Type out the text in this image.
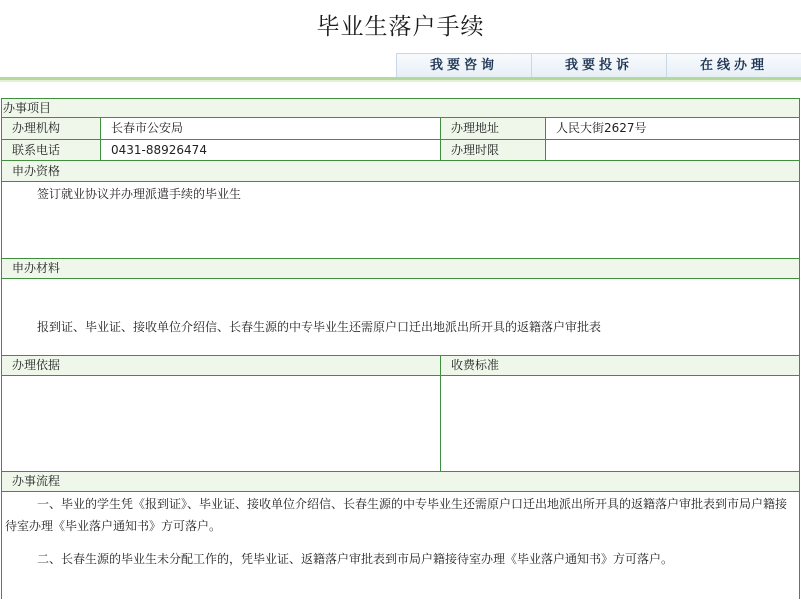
毕业生落户手续
我要咨询	我要投诉	在线办理
办事项目
办理机构	长春市公安局	办理地址	人民大街2627号
联系电话	0431-88926474	办理时限
申办资格
签订就业协议并办理派遣手续的毕业生
申办材料
报到证、毕业证、接收单位介绍信、长春生源的中专毕业生还需原户口迁出地派出所开具的返籍落户审批表
办理依据	收费标准
办事流程
一、毕业的学生凭《报到证》、毕业证、接收单位介绍信、长春生源的中专毕业生还需原户口迁出地派出所开具的返籍落户审批表到市局户籍接待室办理《毕业落户通知书》方可落户。
二、长春生源的毕业生未分配工作的，凭毕业证、返籍落户审批表到市局户籍接待室办理《毕业落户通知书》方可落户。
